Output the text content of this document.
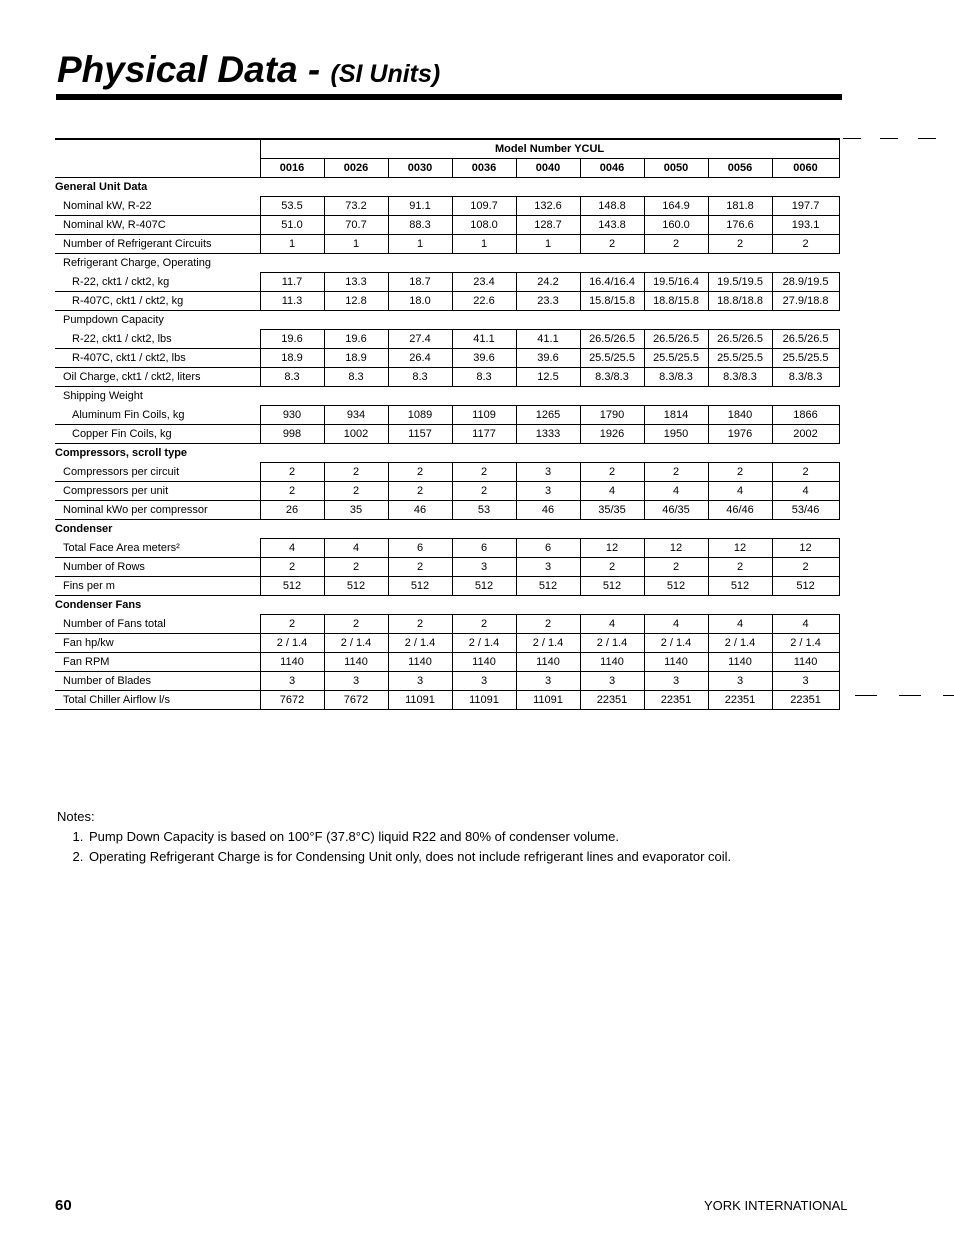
Physical Data - (SI Units)
	Model Number YCUL								
	0016	0026	0030	0036	0040	0046	0050	0056	0060
General Unit Data									
Nominal kW, R-22	53.5	73.2	91.1	109.7	132.6	148.8	164.9	181.8	197.7
Nominal kW, R-407C	51.0	70.7	88.3	108.0	128.7	143.8	160.0	176.6	193.1
Number of Refrigerant Circuits	1	1	1	1	1	2	2	2	2
Refrigerant Charge, Operating									
R-22, ckt1 / ckt2, kg	11.7	13.3	18.7	23.4	24.2	16.4/16.4	19.5/16.4	19.5/19.5	28.9/19.5
R-407C, ckt1 / ckt2, kg	11.3	12.8	18.0	22.6	23.3	15.8/15.8	18.8/15.8	18.8/18.8	27.9/18.8
Pumpdown Capacity									
R-22, ckt1 / ckt2, lbs	19.6	19.6	27.4	41.1	41.1	26.5/26.5	26.5/26.5	26.5/26.5	26.5/26.5
R-407C, ckt1 / ckt2, lbs	18.9	18.9	26.4	39.6	39.6	25.5/25.5	25.5/25.5	25.5/25.5	25.5/25.5
Oil Charge, ckt1 / ckt2, liters	8.3	8.3	8.3	8.3	12.5	8.3/8.3	8.3/8.3	8.3/8.3	8.3/8.3
Shipping Weight									
Aluminum Fin Coils, kg	930	934	1089	1109	1265	1790	1814	1840	1866
Copper Fin Coils, kg	998	1002	1157	1177	1333	1926	1950	1976	2002
Compressors, scroll type									
Compressors per circuit	2	2	2	2	3	2	2	2	2
Compressors per unit	2	2	2	2	3	4	4	4	4
Nominal kWo per compressor	26	35	46	53	46	35/35	46/35	46/46	53/46
Condenser									
Total Face Area meters²	4	4	6	6	6	12	12	12	12
Number of Rows	2	2	2	3	3	2	2	2	2
Fins per m	512	512	512	512	512	512	512	512	512
Condenser Fans									
Number of Fans total	2	2	2	2	2	4	4	4	4
Fan hp/kw	2 / 1.4	2 / 1.4	2 / 1.4	2 / 1.4	2 / 1.4	2 / 1.4	2 / 1.4	2 / 1.4	2 / 1.4
Fan RPM	1140	1140	1140	1140	1140	1140	1140	1140	1140
Number of Blades	3	3	3	3	3	3	3	3	3
Total Chiller Airflow l/s	7672	7672	11091	11091	11091	22351	22351	22351	22351
Notes:
1. Pump Down Capacity is based on 100°F (37.8°C) liquid R22 and 80% of condenser volume.
2. Operating Refrigerant Charge is for Condensing Unit only, does not include refrigerant lines and evaporator coil.
60	YORK INTERNATIONAL
